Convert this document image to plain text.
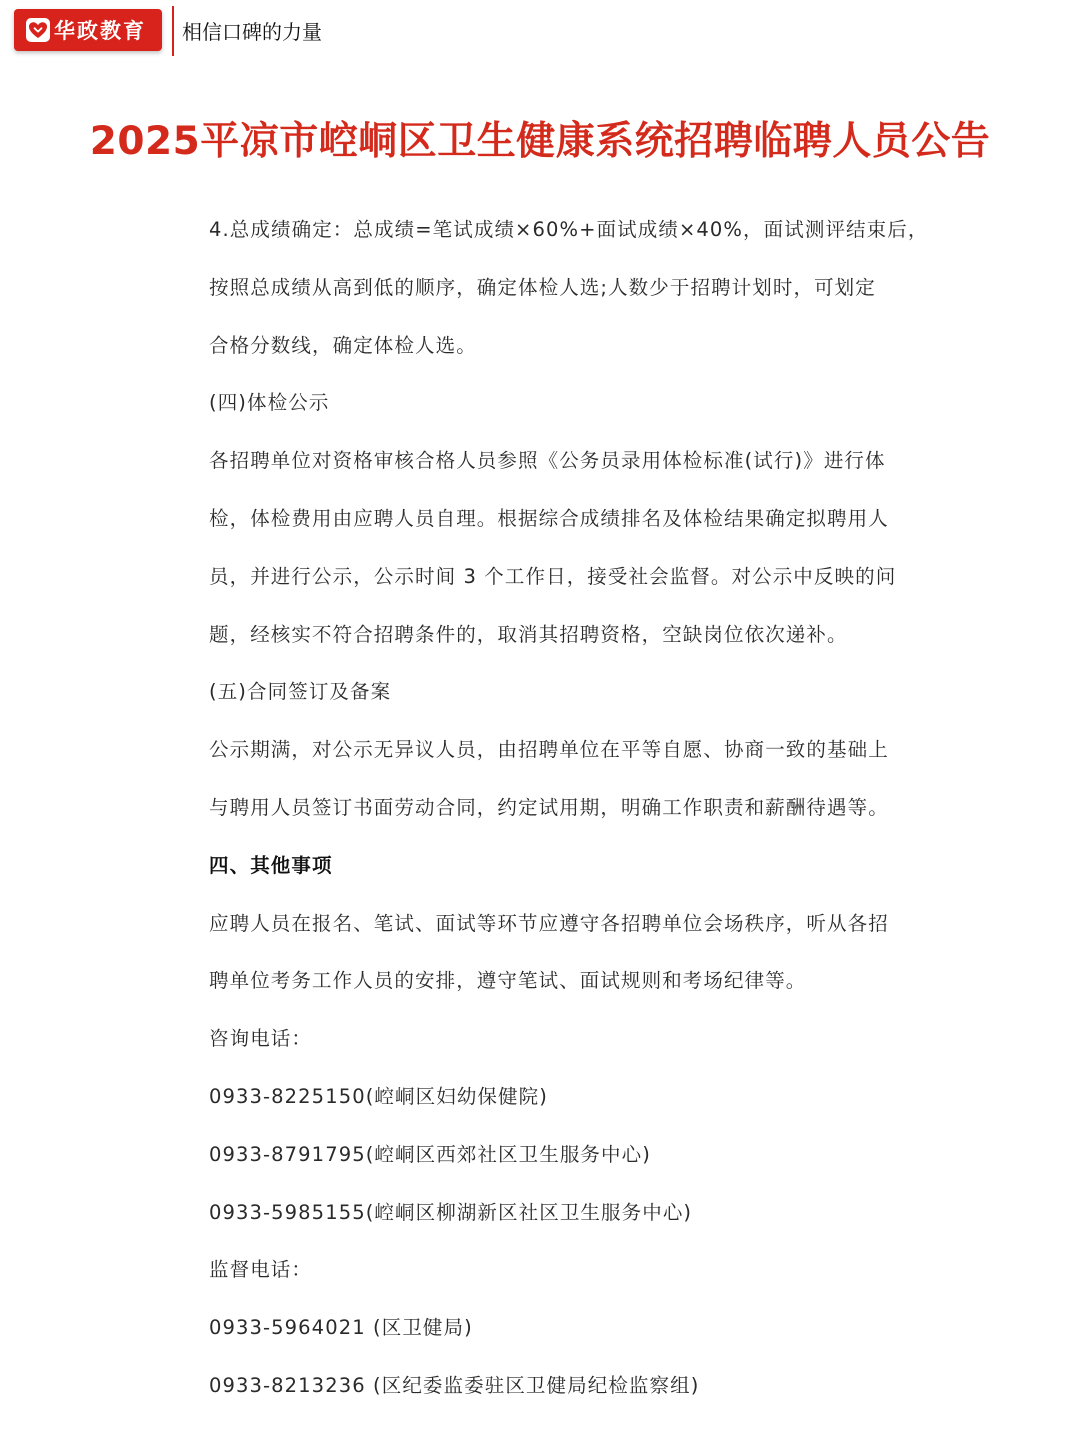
华政教育 相信口碑的力量
2025平凉市崆峒区卫生健康系统招聘临聘人员公告
4.总成绩确定：总成绩=笔试成绩×60%+面试成绩×40%，面试测评结束后，
按照总成绩从高到低的顺序，确定体检人选;人数少于招聘计划时，可划定
合格分数线，确定体检人选。
(四)体检公示
各招聘单位对资格审核合格人员参照《公务员录用体检标准(试行)》进行体
检，体检费用由应聘人员自理。根据综合成绩排名及体检结果确定拟聘用人
员，并进行公示，公示时间 3 个工作日，接受社会监督。对公示中反映的问
题，经核实不符合招聘条件的，取消其招聘资格，空缺岗位依次递补。
(五)合同签订及备案
公示期满，对公示无异议人员，由招聘单位在平等自愿、协商一致的基础上
与聘用人员签订书面劳动合同，约定试用期，明确工作职责和薪酬待遇等。
四、其他事项
应聘人员在报名、笔试、面试等环节应遵守各招聘单位会场秩序，听从各招
聘单位考务工作人员的安排，遵守笔试、面试规则和考场纪律等。
咨询电话：
0933-8225150(崆峒区妇幼保健院)
0933-8791795(崆峒区西郊社区卫生服务中心)
0933-5985155(崆峒区柳湖新区社区卫生服务中心)
监督电话：
0933-5964021 (区卫健局)
0933-8213236 (区纪委监委驻区卫健局纪检监察组)
